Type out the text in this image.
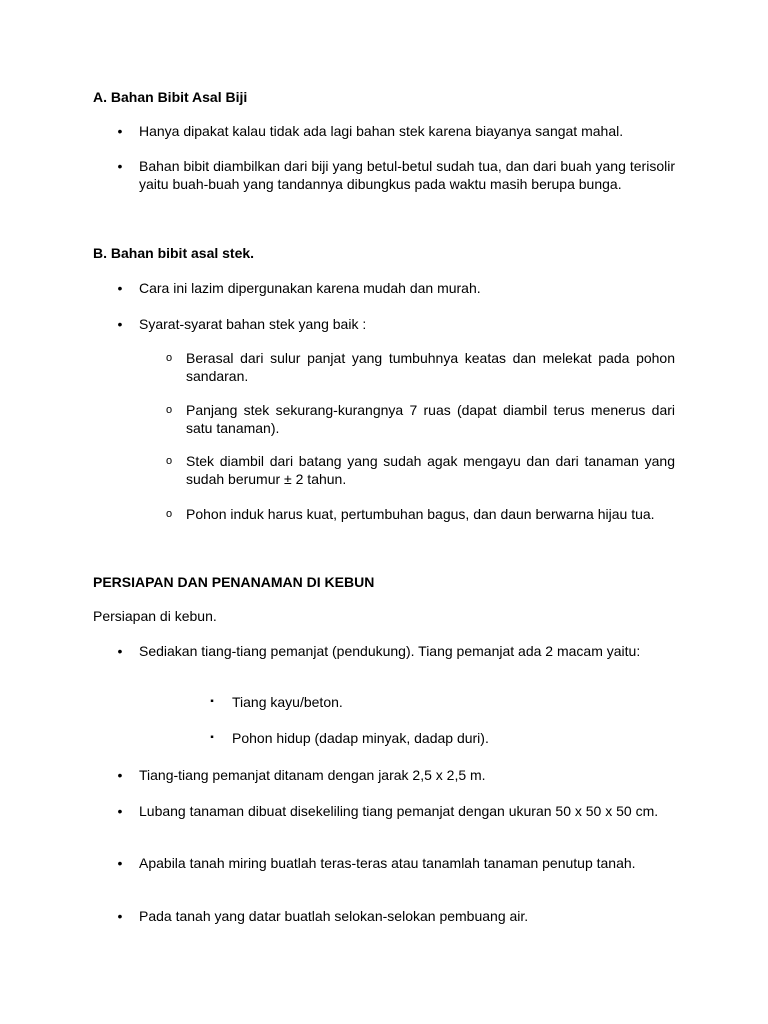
A. Bahan Bibit Asal Biji
•	Hanya dipakat kalau tidak ada lagi bahan stek karena biayanya sangat mahal.
•	Bahan bibit diambilkan dari biji yang betul-betul sudah tua, dan dari buah yang terisolir yaitu buah-buah yang tandannya dibungkus pada waktu masih berupa bunga.
B. Bahan bibit asal stek.
•	Cara ini lazim dipergunakan karena mudah dan murah.
•	Syarat-syarat bahan stek yang baik :
o Berasal dari sulur panjat yang tumbuhnya keatas dan melekat pada pohon sandaran.
o Panjang stek sekurang-kurangnya 7 ruas (dapat diambil terus menerus dari satu tanaman).
o Stek diambil dari batang yang sudah agak mengayu dan dari tanaman yang sudah berumur ± 2 tahun.
o Pohon induk harus kuat, pertumbuhan bagus, dan daun berwarna hijau tua.
PERSIAPAN DAN PENANAMAN DI KEBUN
Persiapan di kebun.
•	Sediakan tiang-tiang pemanjat (pendukung). Tiang pemanjat ada 2 macam yaitu:
▪	Tiang kayu/beton.
▪	Pohon hidup (dadap minyak, dadap duri).
•	Tiang-tiang pemanjat ditanam dengan jarak 2,5 x 2,5 m.
•	Lubang tanaman dibuat disekeliling tiang pemanjat dengan ukuran 50 x 50 x 50 cm.
•	Apabila tanah miring buatlah teras-teras atau tanamlah tanaman penutup tanah.
•	Pada tanah yang datar buatlah selokan-selokan pembuang air.
